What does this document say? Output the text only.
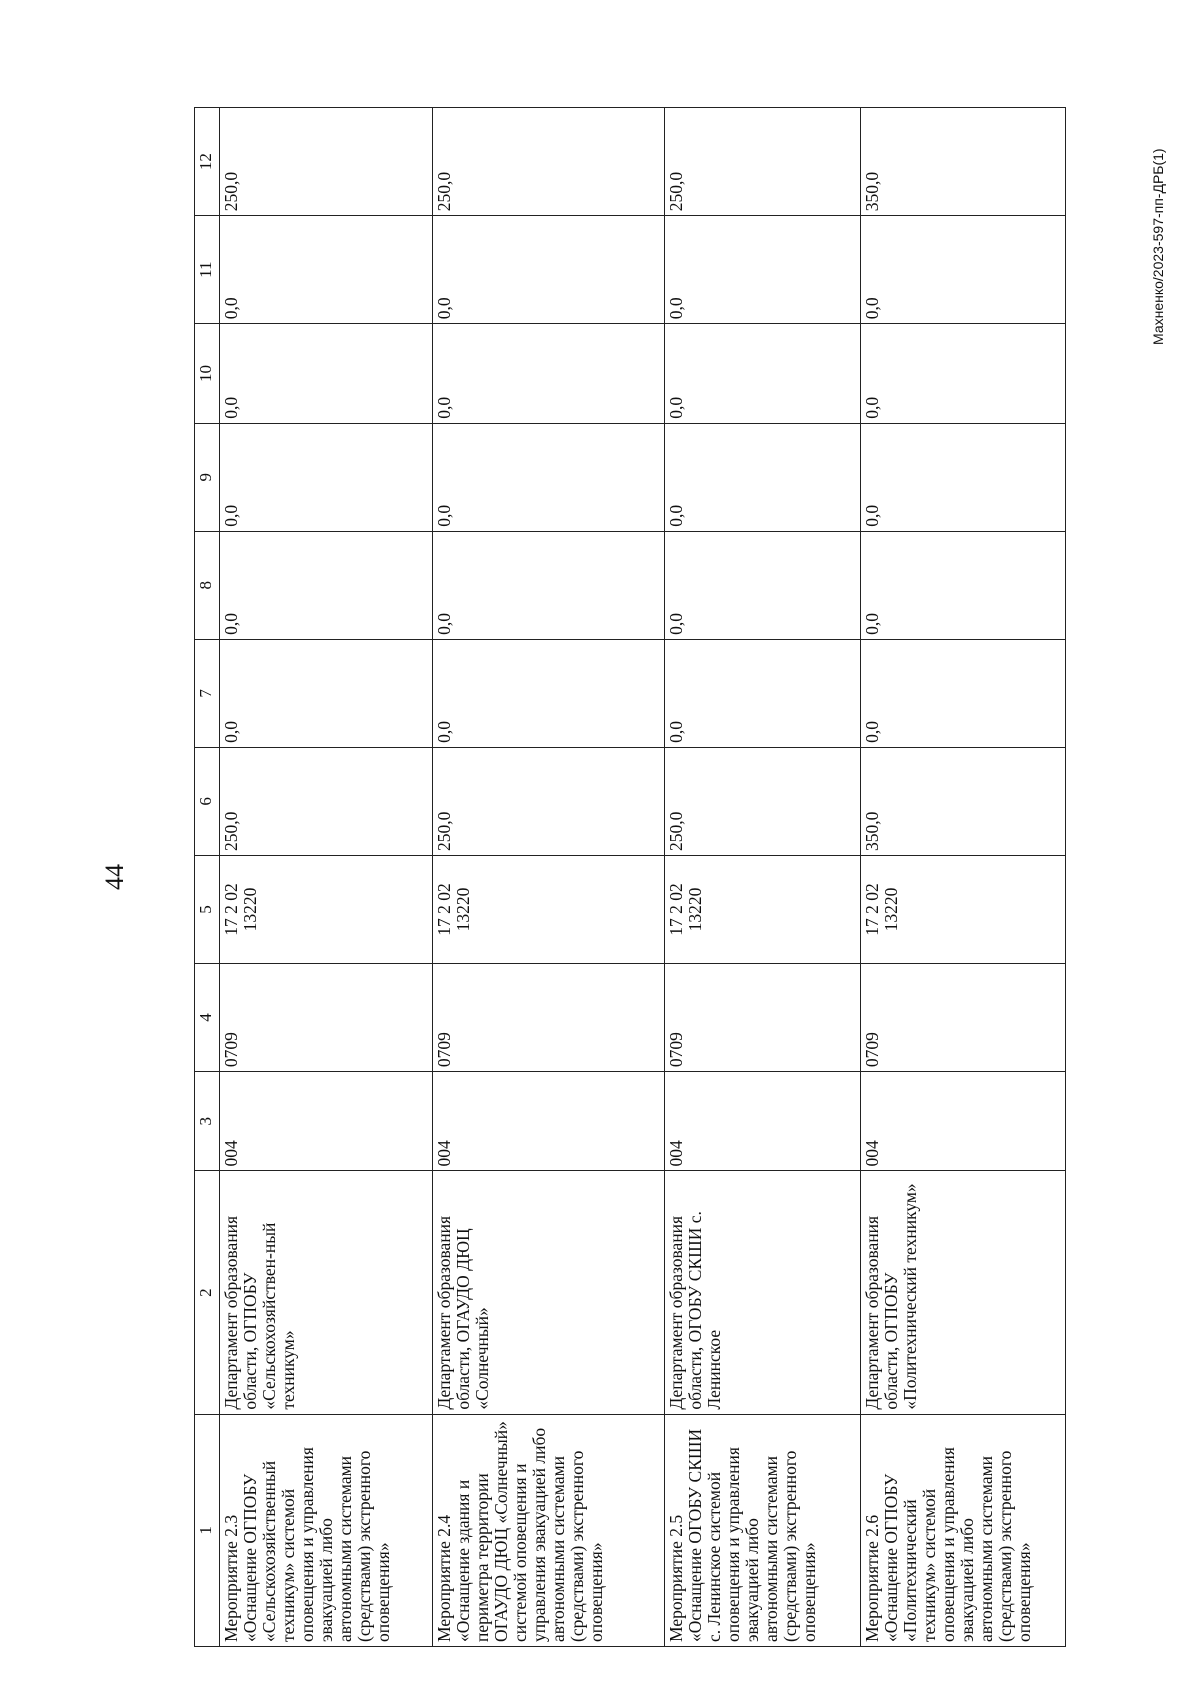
44
Махненко/2023-597-пп-ДРБ(1)
1	2	3	4	5	6	7	8	9	10	11	12
Мероприятие 2.3 «Оснащение ОГПОБУ «Сельскохозяйственный техникум» системой оповещения и управления эвакуацией либо автономными системами (средствами) экстренного оповещения»	Департамент образования области, ОГПОБУ «Сельскохозяйствен-ный техникум»	004	0709	17 2 02 13220	250,0	0,0	0,0	0,0	0,0	0,0	250,0
Мероприятие 2.4 «Оснащение здания и периметра территории ОГАУДО ДЮЦ «Солнечный» системой оповещения и управления эвакуацией либо автономными системами (средствами) экстренного оповещения»	Департамент образования области, ОГАУДО ДЮЦ «Солнечный»	004	0709	17 2 02 13220	250,0	0,0	0,0	0,0	0,0	0,0	250,0
Мероприятие 2.5 «Оснащение ОГОБУ СКШИ с. Ленинское системой оповещения и управления эвакуацией либо автономными системами (средствами) экстренного оповещения»	Департамент образования области, ОГОБУ СКШИ с. Ленинское	004	0709	17 2 02 13220	250,0	0,0	0,0	0,0	0,0	0,0	250,0
Мероприятие 2.6 «Оснащение ОГПОБУ «Политехнический техникум» системой оповещения и управления эвакуацией либо автономными системами (средствами) экстренного оповещения»	Департамент образования области, ОГПОБУ «Политехнический техникум»	004	0709	17 2 02 13220	350,0	0,0	0,0	0,0	0,0	0,0	350,0
